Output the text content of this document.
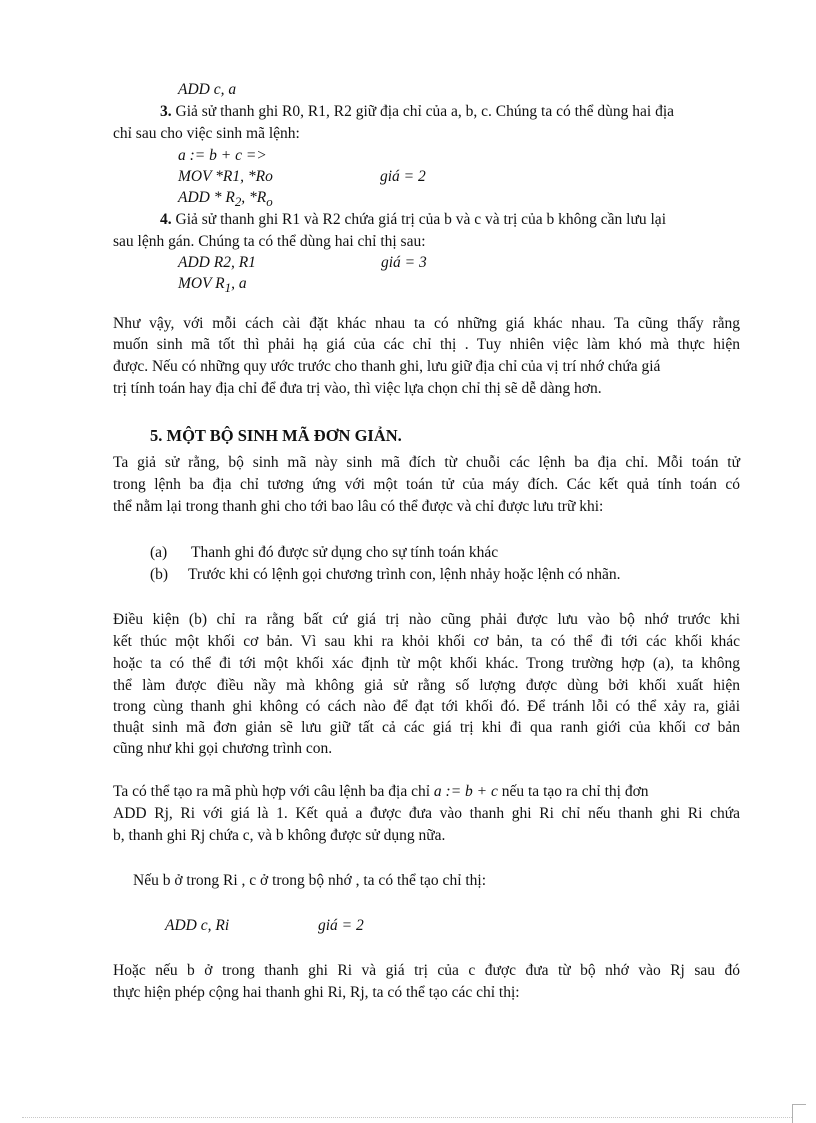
ADD c, a
3. Giả sử thanh ghi R0, R1, R2 giữ địa chỉ của a, b, c. Chúng ta có thể dùng hai địa
chỉ sau cho việc sinh mã lệnh:
a := b + c =>
MOV *R1, *Ro	giá = 2
ADD * $R_2$, $*R_o$
4. Giả sử thanh ghi R1 và R2 chứa giá trị của b và c và trị của b không cần lưu lại
sau lệnh gán. Chúng ta có thể dùng hai chỉ thị sau:
ADD R2, R1	giá = 3
MOV $R_1$, a
Như vậy, với mỗi cách cài đặt khác nhau ta có những giá khác nhau. Ta cũng thấy rằng
muốn sinh mã tốt thì phải hạ giá của các chỉ thị . Tuy nhiên việc làm khó mà thực hiện
được. Nếu có những quy ước trước cho thanh ghi, lưu giữ địa chỉ của vị trí nhớ chứa giá
trị tính toán hay địa chỉ để đưa trị vào, thì việc lựa chọn chỉ thị sẽ dễ dàng hơn.
5. MỘT BỘ SINH MÃ ĐƠN GIẢN.
Ta giả sử rằng, bộ sinh mã này sinh mã đích từ chuỗi các lệnh ba địa chỉ. Mỗi toán tử
trong lệnh ba địa chỉ tương ứng với một toán tử của máy đích. Các kết quả tính toán có
thể nằm lại trong thanh ghi cho tới bao lâu có thể được và chỉ được lưu trữ khi:
(a) Thanh ghi đó được sử dụng cho sự tính toán khác
(b) Trước khi có lệnh gọi chương trình con, lệnh nhảy hoặc lệnh có nhãn.
Điều kiện (b) chỉ ra rằng bất cứ giá trị nào cũng phải được lưu vào bộ nhớ trước khi
kết thúc một khối cơ bản. Vì sau khi ra khỏi khối cơ bản, ta có thể đi tới các khối khác
hoặc ta có thể đi tới một khối xác định từ một khối khác. Trong trường hợp (a), ta không
thể làm được điều nầy mà không giả sử rằng số lượng được dùng bởi khối xuất hiện
trong cùng thanh ghi không có cách nào để đạt tới khối đó. Để tránh lỗi có thể xảy ra, giải
thuật sinh mã đơn giản sẽ lưu giữ tất cả các giá trị khi đi qua ranh giới của khối cơ bản
cũng như khi gọi chương trình con.
Ta có thể tạo ra mã phù hợp với câu lệnh ba địa chỉ a := b + c nếu ta tạo ra chỉ thị đơn
ADD Rj, Ri với giá là 1. Kết quả a được đưa vào thanh ghi Ri chỉ nếu thanh ghi Ri chứa
b, thanh ghi Rj chứa c, và b không được sử dụng nữa.
Nếu b ở trong Ri , c ở trong bộ nhớ , ta có thể tạo chỉ thị:
ADD c, Ri	giá = 2
Hoặc nếu b ở trong thanh ghi Ri và giá trị của c được đưa từ bộ nhớ vào Rj sau đó
thực hiện phép cộng hai thanh ghi Ri, Rj, ta có thể tạo các chỉ thị:
